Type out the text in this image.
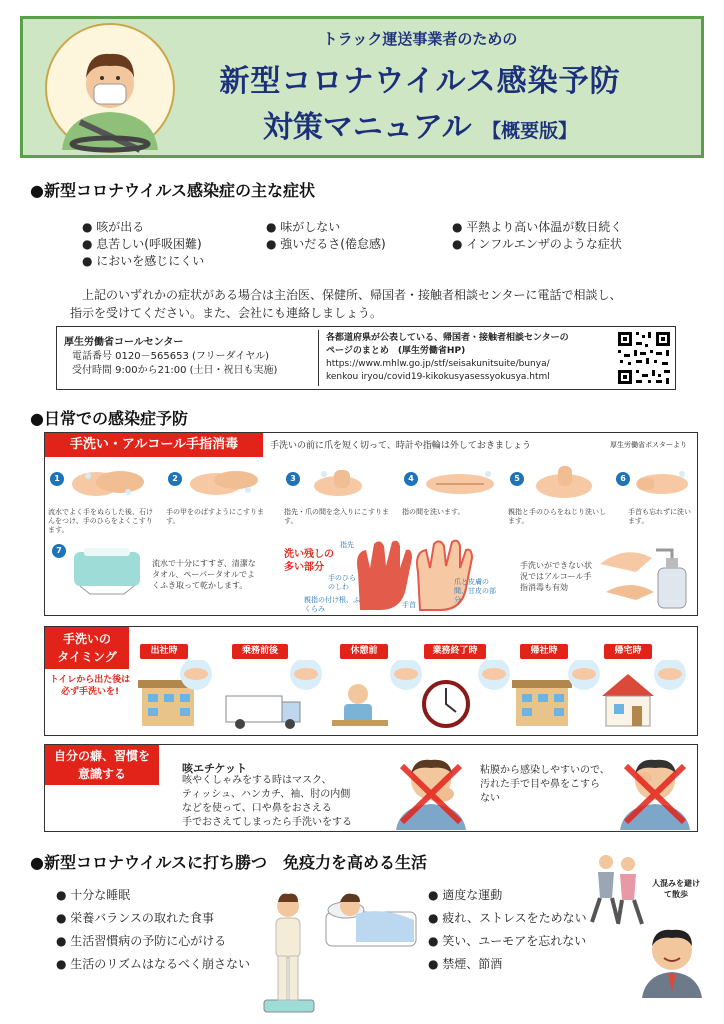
トラック運送事業者のための
新型コロナウイルス感染予防
対策マニュアル 【概要版】
●新型コロナウイルス感染症の主な症状
● 咳が出る
● 息苦しい(呼吸困難)
● においを感じにくい
● 味がしない
● 強いだるさ(倦怠感)
● 平熱より高い体温が数日続く
● インフルエンザのような症状
上記のいずれかの症状がある場合は主治医、保健所、帰国者・接触者相談センターに電話で相談し、
指示を受けてください。また、会社にも連絡しましょう。
厚生労働省コールセンター
電話番号 0120－565653 (フリーダイヤル)
受付時間 9:00から21:00 (土日・祝日も実施)
各都道府県が公表している、帰国者・接触者相談センターの
ページのまとめ　(厚生労働省HP)
https://www.mhlw.go.jp/stf/seisakunitsuite/bunya/
kenkou iryou/covid19-kikokusyasessyokusya.html
●日常での感染症予防
手洗い・アルコール手指消毒	手洗いの前に爪を短く切って、時計や指輪は外しておきましょう	厚生労働省ポスターより
1
流水でよく手をぬらした後、石けんをつけ、手のひらをよくこすります。
2
手の甲をのばすようにこすります。
3
指先・爪の間を念入りにこすります。
4
指の間を洗います。
5
親指と手のひらをねじり洗いします。
6
手首も忘れずに洗います。
7
流水で十分にすすぎ、清潔なタオル、ペーパータオルでよくふき取って乾かします。
洗い残しの多い部分
指先
手のひらのしわ
親指の付け根、ふくらみ	手首
爪と皮膚の間、甘皮の部分
手洗いができない状況ではアルコール手指消毒も有効
手洗いのタイミング
トイレから出た後は必ず手洗いを!
出社時	乗務前後	休憩前	業務終了時	帰社時	帰宅時
自分の癖、習慣を意識する	咳エチケット
咳やくしゃみをする時はマスク、
ティッシュ、ハンカチ、袖、肘の内側
などを使って、口や鼻をおさえる
手でおさえてしまったら手洗いをする
粘膜から感染しやすいので、
汚れた手で目や鼻をこすら
ない
●新型コロナウイルスに打ち勝つ　免疫力を高める生活
● 十分な睡眠
● 栄養バランスの取れた食事
● 生活習慣病の予防に心がける
● 生活のリズムはなるべく崩さない
● 適度な運動
● 疲れ、ストレスをためない
● 笑い、ユーモアを忘れない
● 禁煙、節酒
人混みを避けて散歩
